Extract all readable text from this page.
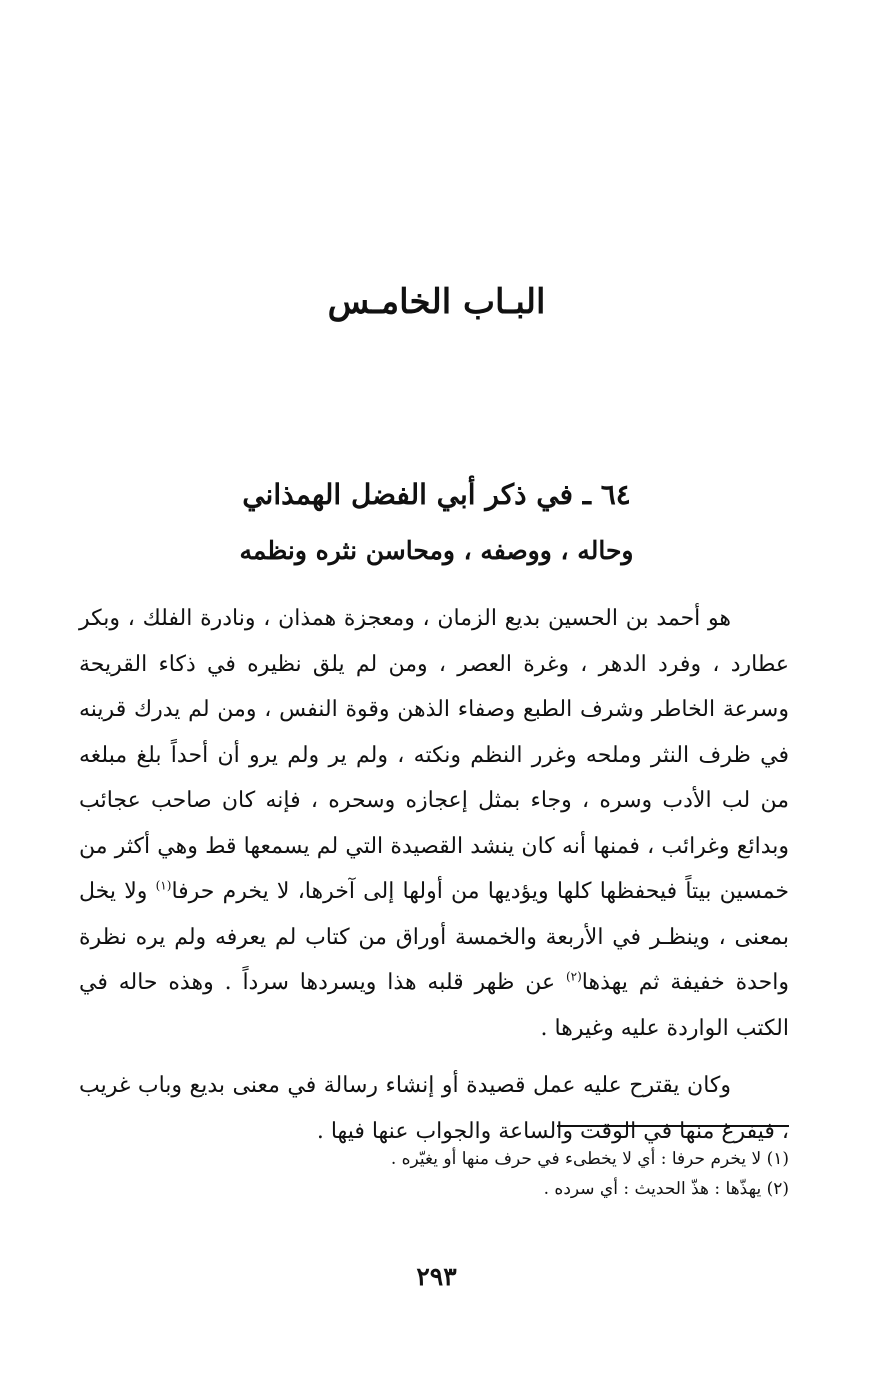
البـاب الخامـس
٦٤ ـ في ذكر أبي الفضل الهمذاني
وحاله ، ووصفه ، ومحاسن نثره ونظمه

هو أحمد بن الحسين بديع الزمان ، ومعجزة همذان ، ونادرة الفلك ، وبكر عطارد ، وفرد الدهر ، وغرة العصر ، ومن لم يلق نظيره في ذكاء القريحة وسرعة الخاطر وشرف الطبع وصفاء الذهن وقوة النفس ، ومن لم يدرك قرينه في ظرف النثر وملحه وغرر النظم ونكته ، ولم ير ولم يرو أن أحداً بلغ مبلغه من لب الأدب وسره ، وجاء بمثل إعجازه وسحره ، فإنه كان صاحب عجائب وبدائع وغرائب ، فمنها أنه كان ينشد القصيدة التي لم يسمعها قط وهي أكثر من خمسين بيتاً فيحفظها كلها ويؤديها من أولها إلى آخرها، لا يخرم حرفا$^{(١)}$ ولا يخل بمعنى ، وينظـر في الأربعة والخمسة أوراق من كتاب لم يعرفه ولم يره نظرة واحدة خفيفة ثم يهذها$^{(٢)}$ عن ظهر قلبه هذا ويسردها سرداً . وهذه حاله في الكتب الواردة عليه وغيرها .

وكان يقترح عليه عمل قصيدة أو إنشاء رسالة في معنى بديع وباب غريب ، فيفرغ منها في الوقت والساعة والجواب عنها فيها .

(١) لا يخرم حرفا : أي لا يخطىء في حرف منها أو يغيّره .

(٢) يهذّها : هذّ الحديث : أي سرده .

٢٩٣
